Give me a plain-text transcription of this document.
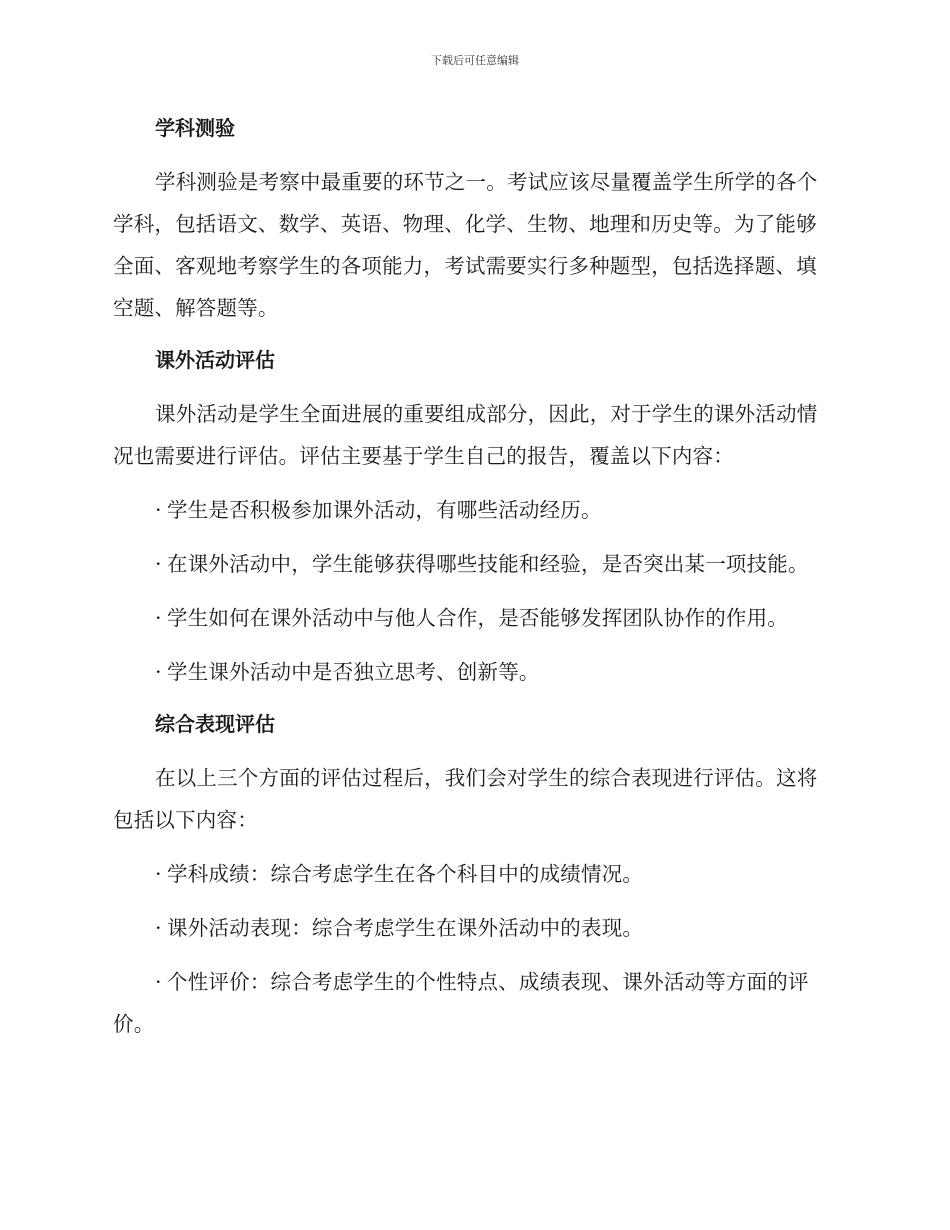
下载后可任意编辑
学科测验

学科测验是考察中最重要的环节之一。考试应该尽量覆盖学生所学的各个学科，包括语文、数学、英语、物理、化学、生物、地理和历史等。为了能够全面、客观地考察学生的各项能力，考试需要实行多种题型，包括选择题、填空题、解答题等。

课外活动评估

课外活动是学生全面进展的重要组成部分，因此，对于学生的课外活动情况也需要进行评估。评估主要基于学生自己的报告，覆盖以下内容：

· 学生是否积极参加课外活动，有哪些活动经历。

· 在课外活动中，学生能够获得哪些技能和经验，是否突出某一项技能。

· 学生如何在课外活动中与他人合作，是否能够发挥团队协作的作用。

· 学生课外活动中是否独立思考、创新等。

综合表现评估

在以上三个方面的评估过程后，我们会对学生的综合表现进行评估。这将包括以下内容：

· 学科成绩：综合考虑学生在各个科目中的成绩情况。

· 课外活动表现：综合考虑学生在课外活动中的表现。

· 个性评价：综合考虑学生的个性特点、成绩表现、课外活动等方面的评价。
